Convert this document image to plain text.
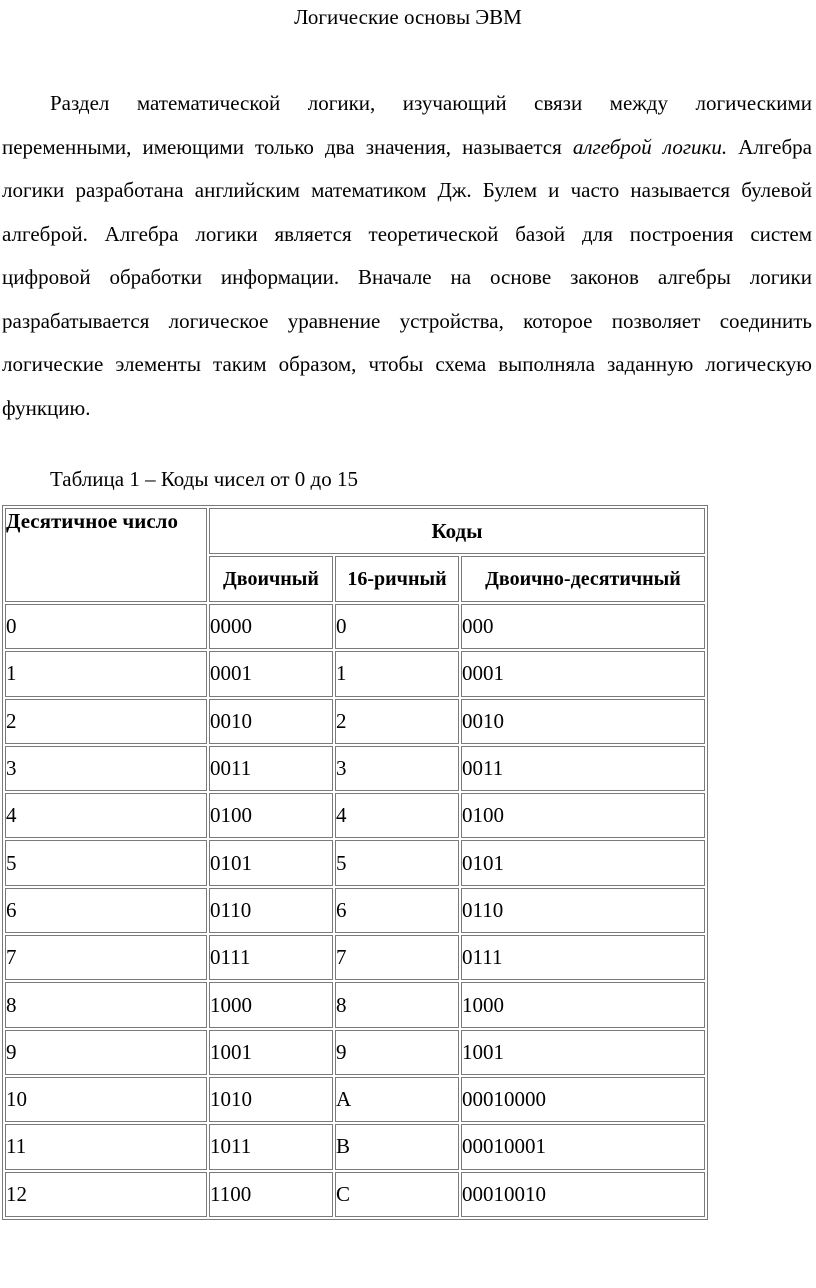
Логические основы ЭВМ

Раздел математической логики, изучающий связи между логическими переменными, имеющими только два значения, называется алгеброй логики. Алгебра логики разработана английским математиком Дж. Булем и часто называется булевой алгеброй. Алгебра логики является теоретической базой для построения систем цифровой обработки информации. Вначале на основе законов алгебры логики разрабатывается логическое уравнение устройства, которое позволяет соединить логические элементы таким образом, чтобы схема выполняла заданную логическую функцию.

Таблица 1 – Коды чисел от 0 до 15
Десятичное число	Коды		
	Двоичный	16-ричный	Двоично-десятичный
0	0000	0	000
1	0001	1	0001
2	0010	2	0010
3	0011	3	0011
4	0100	4	0100
5	0101	5	0101
6	0110	6	0110
7	0111	7	0111
8	1000	8	1000
9	1001	9	1001
10	1010	A	00010000
11	1011	B	00010001
12	1100	C	00010010
